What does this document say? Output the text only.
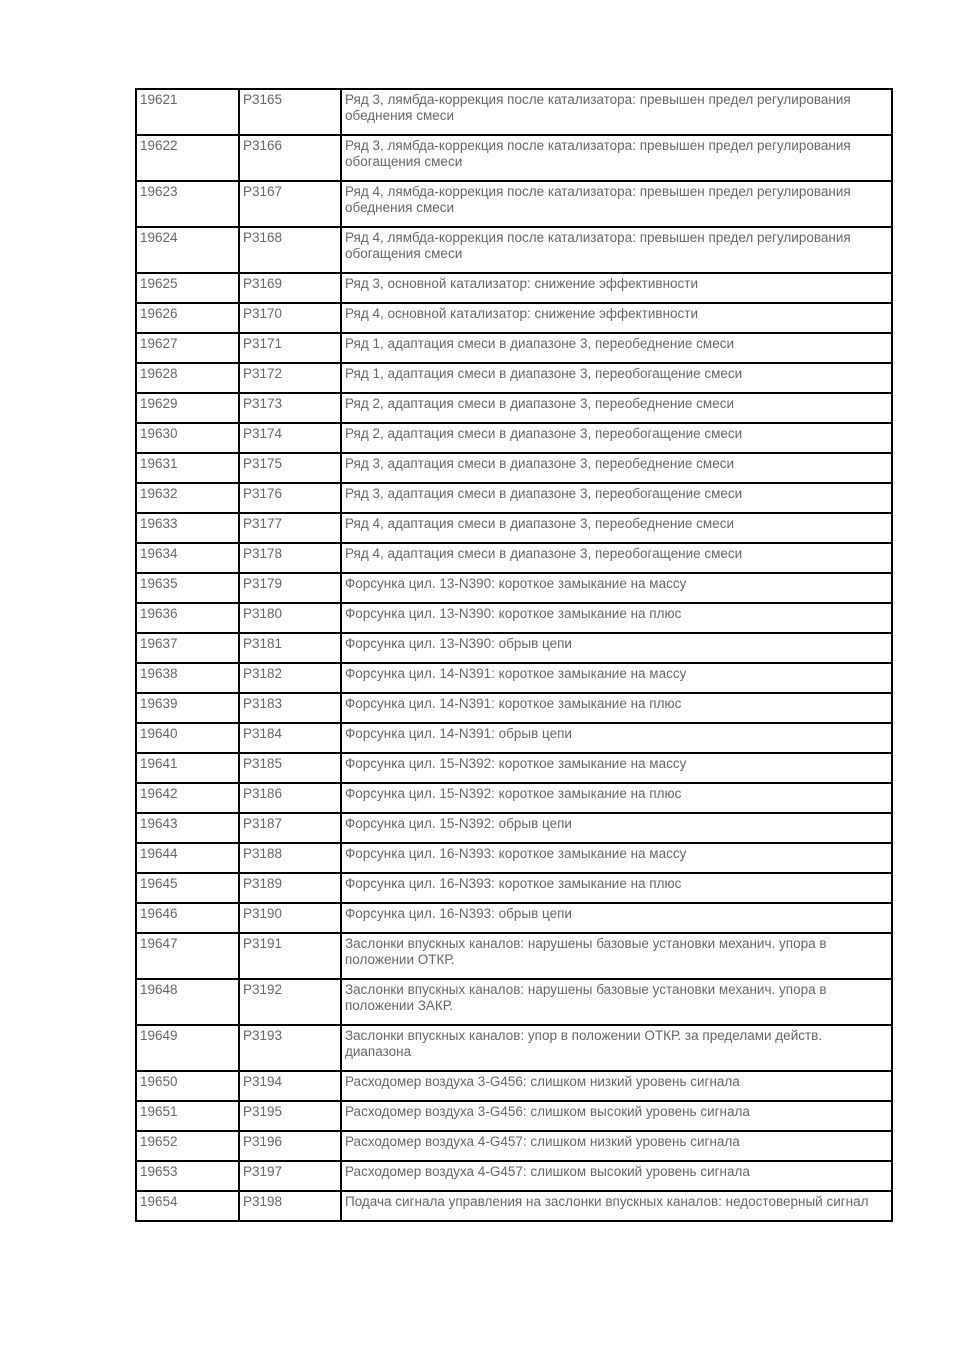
19621	P3165	Ряд 3, лямбда-коррекция после катализатора: превышен предел регулирования обеднения смеси
19622	P3166	Ряд 3, лямбда-коррекция после катализатора: превышен предел регулирования обогащения смеси
19623	P3167	Ряд 4, лямбда-коррекция после катализатора: превышен предел регулирования обеднения смеси
19624	P3168	Ряд 4, лямбда-коррекция после катализатора: превышен предел регулирования обогащения смеси
19625	P3169	Ряд 3, основной катализатор: снижение эффективности
19626	P3170	Ряд 4, основной катализатор: снижение эффективности
19627	P3171	Ряд 1, адаптация смеси в диапазоне 3, переобеднение смеси
19628	P3172	Ряд 1, адаптация смеси в диапазоне 3, переобогащение смеси
19629	P3173	Ряд 2, адаптация смеси в диапазоне 3, переобеднение смеси
19630	P3174	Ряд 2, адаптация смеси в диапазоне 3, переобогащение смеси
19631	P3175	Ряд 3, адаптация смеси в диапазоне 3, переобеднение смеси
19632	P3176	Ряд 3, адаптация смеси в диапазоне 3, переобогащение смеси
19633	P3177	Ряд 4, адаптация смеси в диапазоне 3, переобеднение смеси
19634	P3178	Ряд 4, адаптация смеси в диапазоне 3, переобогащение смеси
19635	P3179	Форсунка цил. 13-N390: короткое замыкание на массу
19636	P3180	Форсунка цил. 13-N390: короткое замыкание на плюс
19637	P3181	Форсунка цил. 13-N390: обрыв цепи
19638	P3182	Форсунка цил. 14-N391: короткое замыкание на массу
19639	P3183	Форсунка цил. 14-N391: короткое замыкание на плюс
19640	P3184	Форсунка цил. 14-N391: обрыв цепи
19641	P3185	Форсунка цил. 15-N392: короткое замыкание на массу
19642	P3186	Форсунка цил. 15-N392: короткое замыкание на плюс
19643	P3187	Форсунка цил. 15-N392: обрыв цепи
19644	P3188	Форсунка цил. 16-N393: короткое замыкание на массу
19645	P3189	Форсунка цил. 16-N393: короткое замыкание на плюс
19646	P3190	Форсунка цил. 16-N393: обрыв цепи
19647	P3191	Заслонки впускных каналов: нарушены базовые установки механич. упора в положении ОТКР.
19648	P3192	Заслонки впускных каналов: нарушены базовые установки механич. упора в положении ЗАКР.
19649	P3193	Заслонки впускных каналов: упор в положении ОТКР. за пределами действ. диапазона
19650	P3194	Расходомер воздуха 3-G456: слишком низкий уровень сигнала
19651	P3195	Расходомер воздуха 3-G456: слишком высокий уровень сигнала
19652	P3196	Расходомер воздуха 4-G457: слишком низкий уровень сигнала
19653	P3197	Расходомер воздуха 4-G457: слишком высокий уровень сигнала
19654	P3198	Подача сигнала управления на заслонки впускных каналов: недостоверный сигнал
